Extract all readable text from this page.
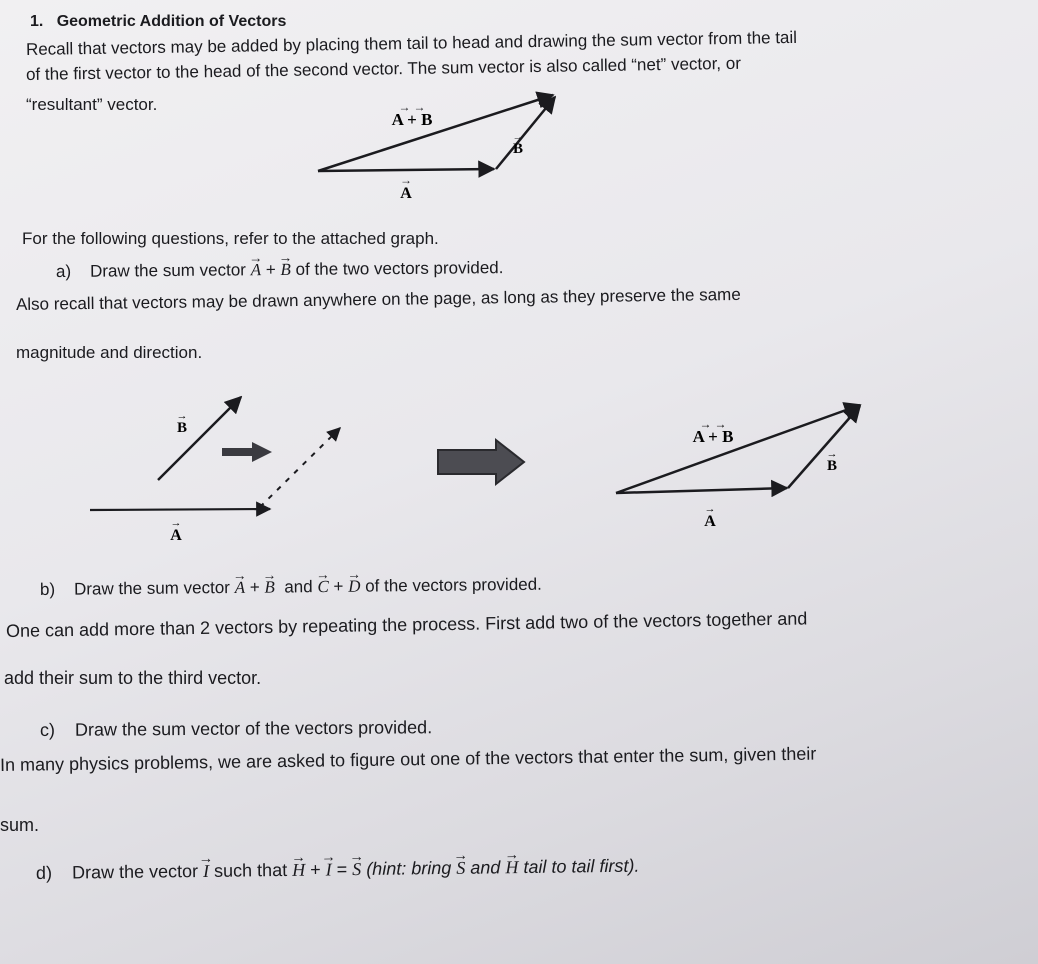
A + B
B
A
→ →
→
→
B
→
A
→
A + B
→ →
B
→
A
→
1. Geometric Addition of Vectors
Recall that vectors may be added by placing them tail to head and drawing the sum vector from the tail
of the first vector to the head of the second vector. The sum vector is also called “net” vector, or
“resultant” vector.
For the following questions, refer to the attached graph.
a) Draw the sum vector → A + → B of the two vectors provided.
Also recall that vectors may be drawn anywhere on the page, as long as they preserve the same
magnitude and direction.
b) Draw the sum vector → A + → B and → C + → D of the vectors provided.
One can add more than 2 vectors by repeating the process. First add two of the vectors together and
add their sum to the third vector.
c) Draw the sum vector of the vectors provided.
In many physics problems, we are asked to figure out one of the vectors that enter the sum, given their
sum.
d) Draw the vector → I such that → H + → I = → S (hint: bring → S and → H tail to tail first).
